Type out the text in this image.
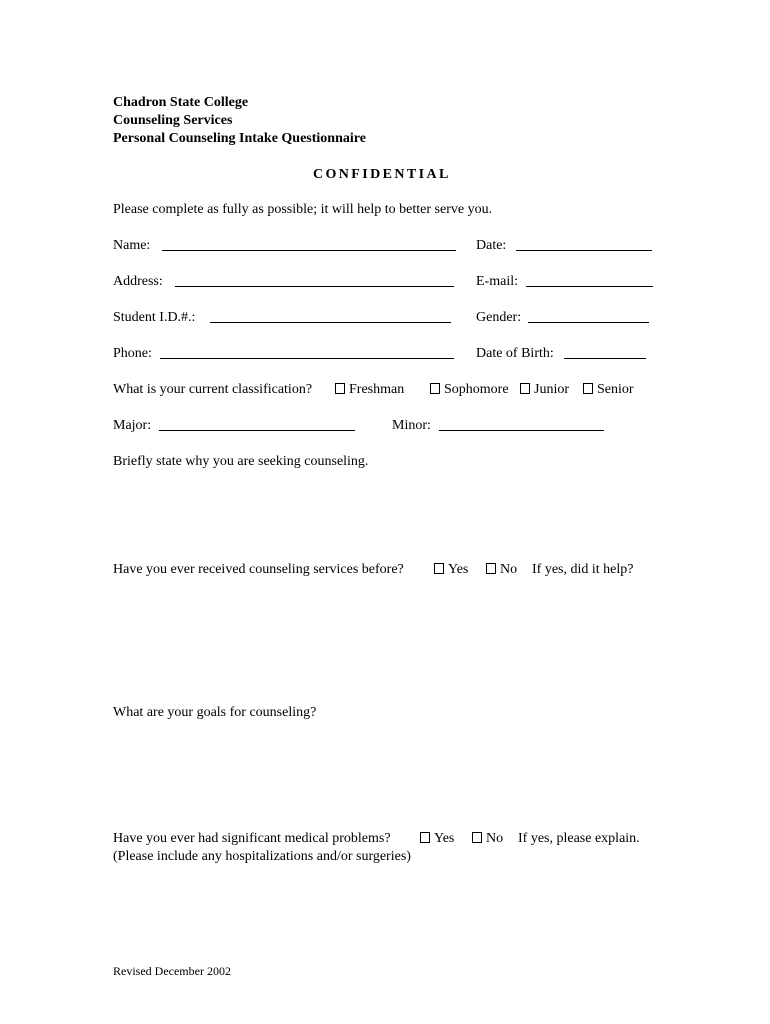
Chadron State College
Counseling Services
Personal Counseling Intake Questionnaire
CONFIDENTIAL
Please complete as fully as possible; it will help to better serve you.
Name:	Date:
Address:	E-mail:
Student I.D.#.:	Gender:
Phone:	Date of Birth:
What is your current classification?	Freshman	Sophomore	Junior	Senior
Major:	Minor:
Briefly state why you are seeking counseling.
Have you ever received counseling services before?	Yes	No If yes, did it help?
What are your goals for counseling?
Have you ever had significant medical problems?	Yes	No If yes, please explain.
(Please include any hospitalizations and/or surgeries)
Revised December 2002
